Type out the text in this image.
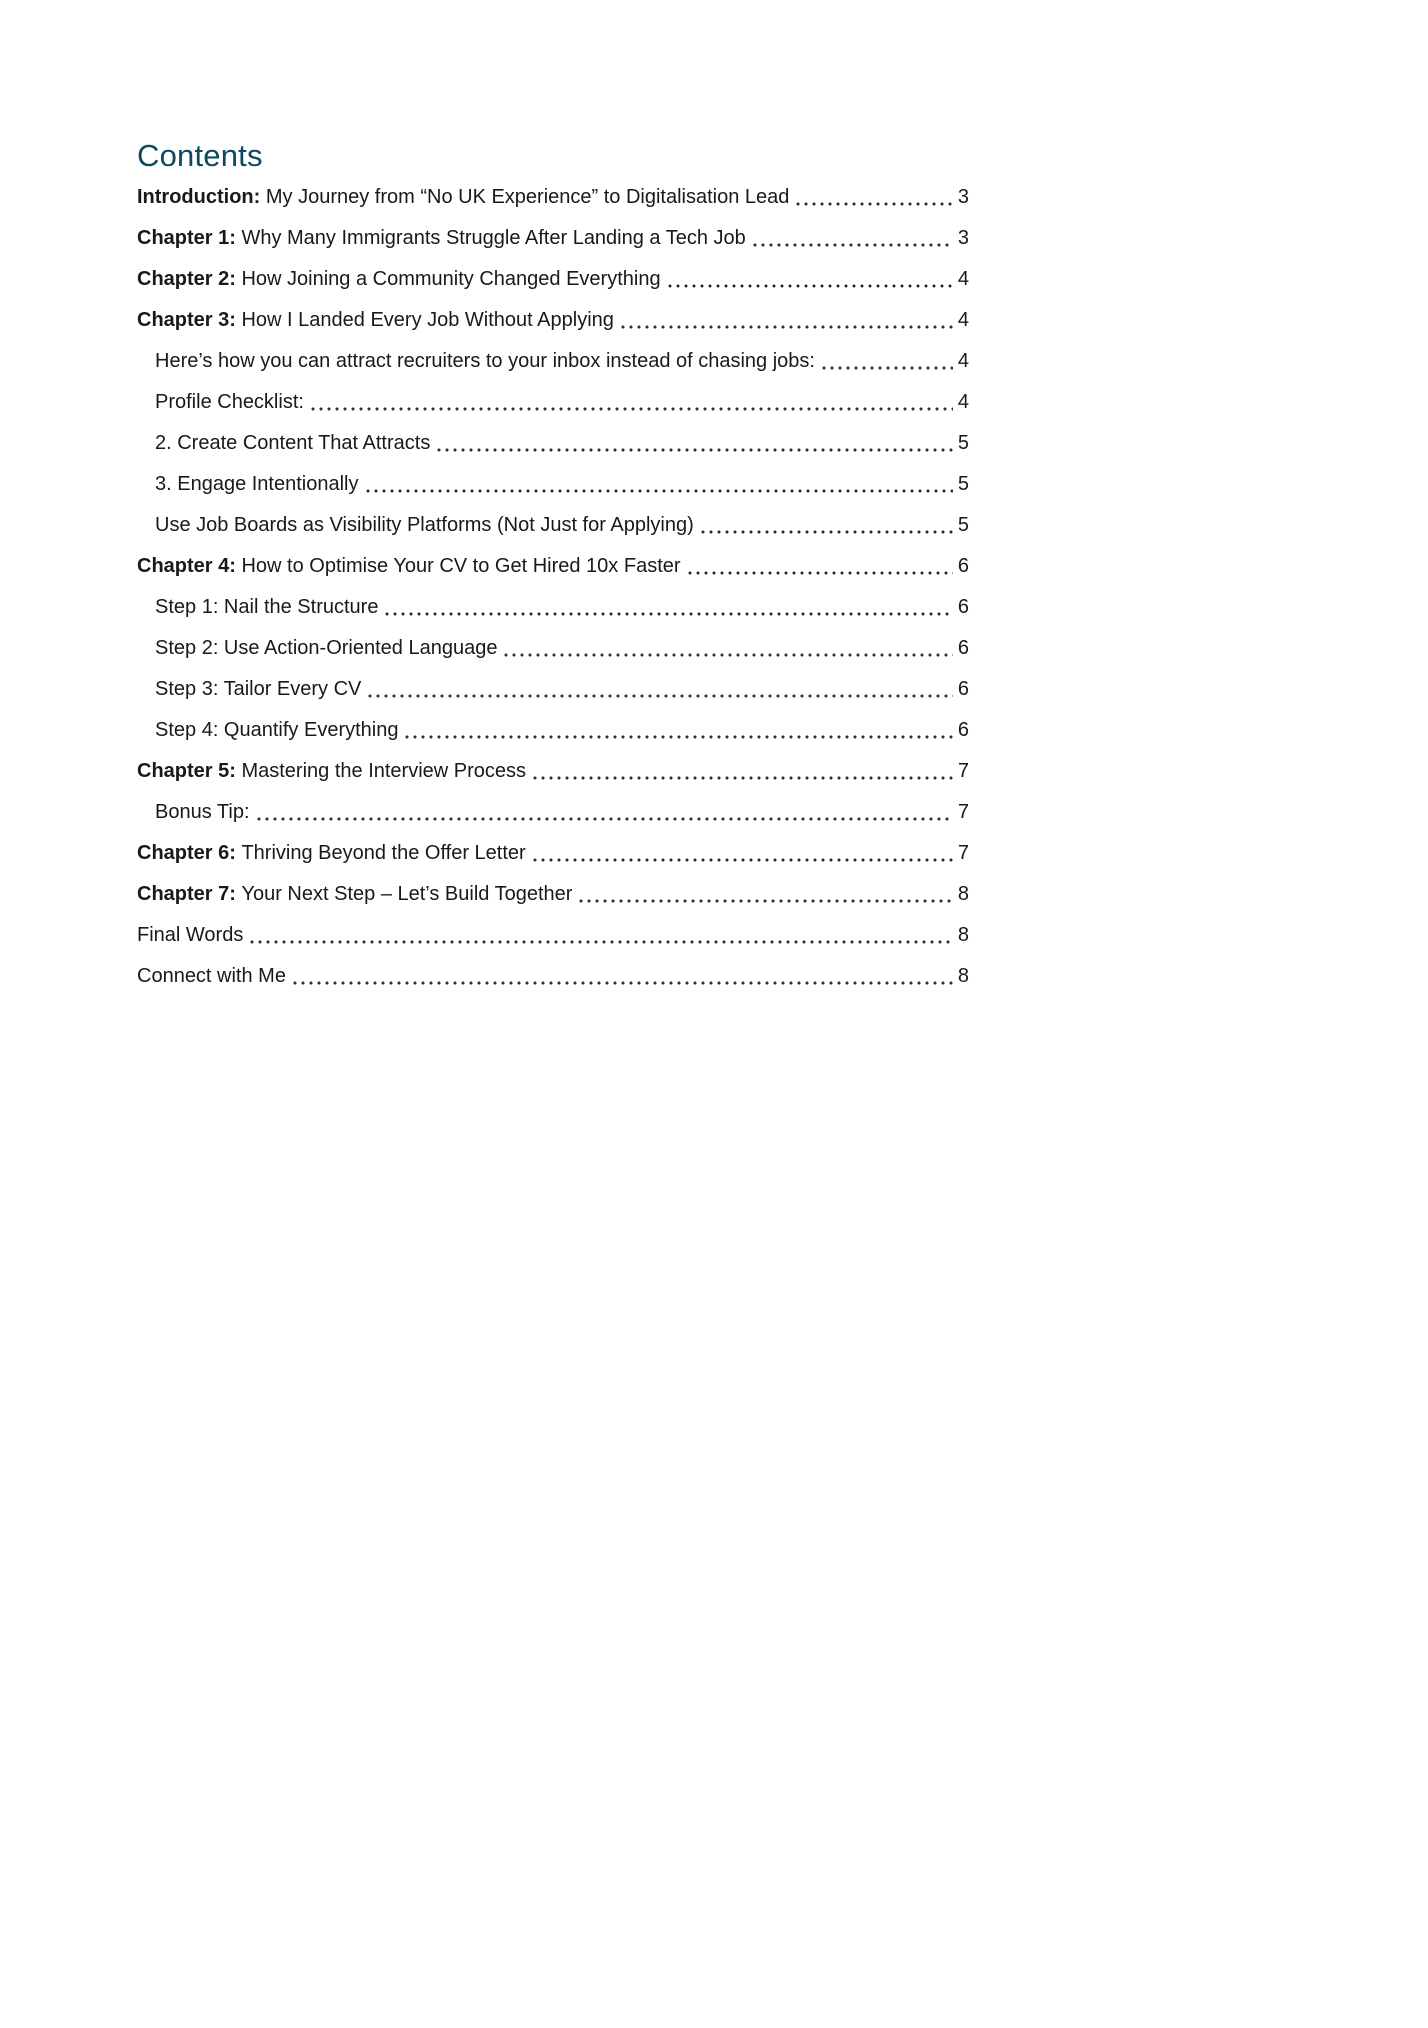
Contents
Introduction: My Journey from “No UK Experience” to Digitalisation Lead	3
Chapter 1: Why Many Immigrants Struggle After Landing a Tech Job	3
Chapter 2: How Joining a Community Changed Everything	4
Chapter 3: How I Landed Every Job Without Applying	4
Here’s how you can attract recruiters to your inbox instead of chasing jobs:	4
Profile Checklist:	4
2. Create Content That Attracts	5
3. Engage Intentionally	5
Use Job Boards as Visibility Platforms (Not Just for Applying)	5
Chapter 4: How to Optimise Your CV to Get Hired 10x Faster	6
Step 1: Nail the Structure	6
Step 2: Use Action-Oriented Language	6
Step 3: Tailor Every CV	6
Step 4: Quantify Everything	6
Chapter 5: Mastering the Interview Process	7
Bonus Tip:	7
Chapter 6: Thriving Beyond the Offer Letter	7
Chapter 7: Your Next Step – Let’s Build Together	8
Final Words	8
Connect with Me	8
